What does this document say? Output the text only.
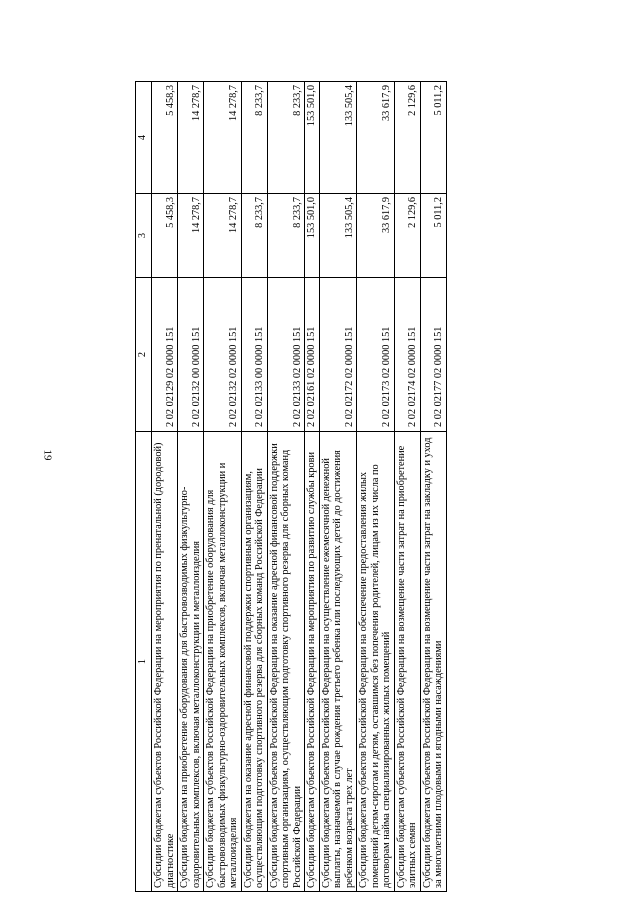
19
1	2	3	4
Субсидии бюджетам субъектов Российской Федерации на мероприятия по пренатальной (дородовой) диагностике	2 02 02129 02 0000 151	5 458,3	5 458,3
Субсидии бюджетам на приобретение оборудования для быстровозводимых физкультурно-оздоровительных комплексов, включая металлоконструкции и металлоизделия	2 02 02132 00 0000 151	14 278,7	14 278,7
Субсидии бюджетам субъектов Российской Федерации на приобретение оборудования для быстровозводимых физкультурно-оздоровительных комплексов, включая металлоконструкции и металлоизделия	2 02 02132 02 0000 151	14 278,7	14 278,7
Субсидии бюджетам на оказание адресной финансовой поддержки спортивным организациям, осуществляющим подготовку спортивного резерва для сборных команд Российской Федерации	2 02 02133 00 0000 151	8 233,7	8 233,7
Субсидии бюджетам субъектов Российской Федерации на оказание адресной финансовой поддержки спортивным организациям, осуществляющим подготовку спортивного резерва для сборных команд Российской Федерации	2 02 02133 02 0000 151	8 233,7	8 233,7
Субсидии бюджетам субъектов Российской Федерации на мероприятия по развитию службы крови	2 02 02161 02 0000 151	153 501,0	153 501,0
Субсидии бюджетам субъектов Российской Федерации на осуществление ежемесячной денежной выплаты, назначаемой в случае рождения третьего ребенка или последующих детей до достижения ребенком возраста трех лет	2 02 02172 02 0000 151	133 505,4	133 505,4
Субсидии бюджетам субъектов Российской Федерации на обеспечение предоставления жилых помещений детям-сиротам и детям, оставшимся без попечения родителей, лицам из их числа по договорам найма специализированных жилых помещений	2 02 02173 02 0000 151	33 617,9	33 617,9
Субсидии бюджетам субъектов Российской Федерации на возмещение части затрат на приобретение элитных семян	2 02 02174 02 0000 151	2 129,6	2 129,6
Субсидии бюджетам субъектов Российской Федерации на возмещение части затрат на закладку и уход за многолетними плодовыми и ягодными насаждениями	2 02 02177 02 0000 151	5 011,2	5 011,2
